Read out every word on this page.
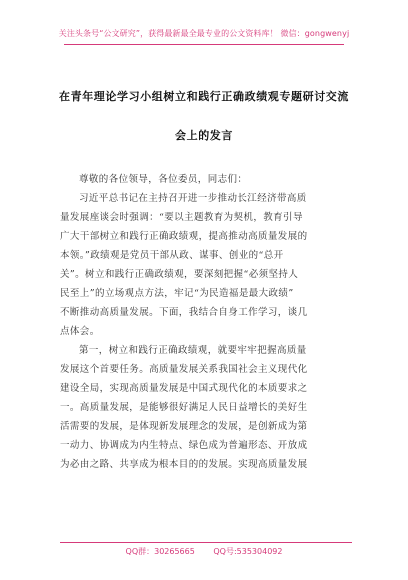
关注头条号“公文研究”，获得最新最全最专业的公文资料库！ 微信：gongwenyj
在青年理论学习小组树立和践行正确政绩观专题研讨交流
会上的发言
尊敬的各位领导，各位委员，同志们：
习近平总书记在主持召开进一步推动长江经济带高质
量发展座谈会时强调：“要以主题教育为契机，教育引导
广大干部树立和践行正确政绩观，提高推动高质量发展的
本领。”政绩观是党员干部从政、谋事、创业的“总开
关”。树立和践行正确政绩观，要深刻把握“必须坚持人
民至上”的立场观点方法，牢记“为民造福是最大政绩”
不断推动高质量发展。下面，我结合自身工作学习，谈几
点体会。
第一，树立和践行正确政绩观，就要牢牢把握高质量
发展这个首要任务。高质量发展关系我国社会主义现代化
建设全局，实现高质量发展是中国式现代化的本质要求之
一。高质量发展，是能够很好满足人民日益增长的美好生
活需要的发展，是体现新发展理念的发展，是创新成为第
一动力、协调成为内生特点、绿色成为普遍形态、开放成
为必由之路、共享成为根本目的的发展。实现高质量发展
QQ群：30265665 QQ号:535304092
